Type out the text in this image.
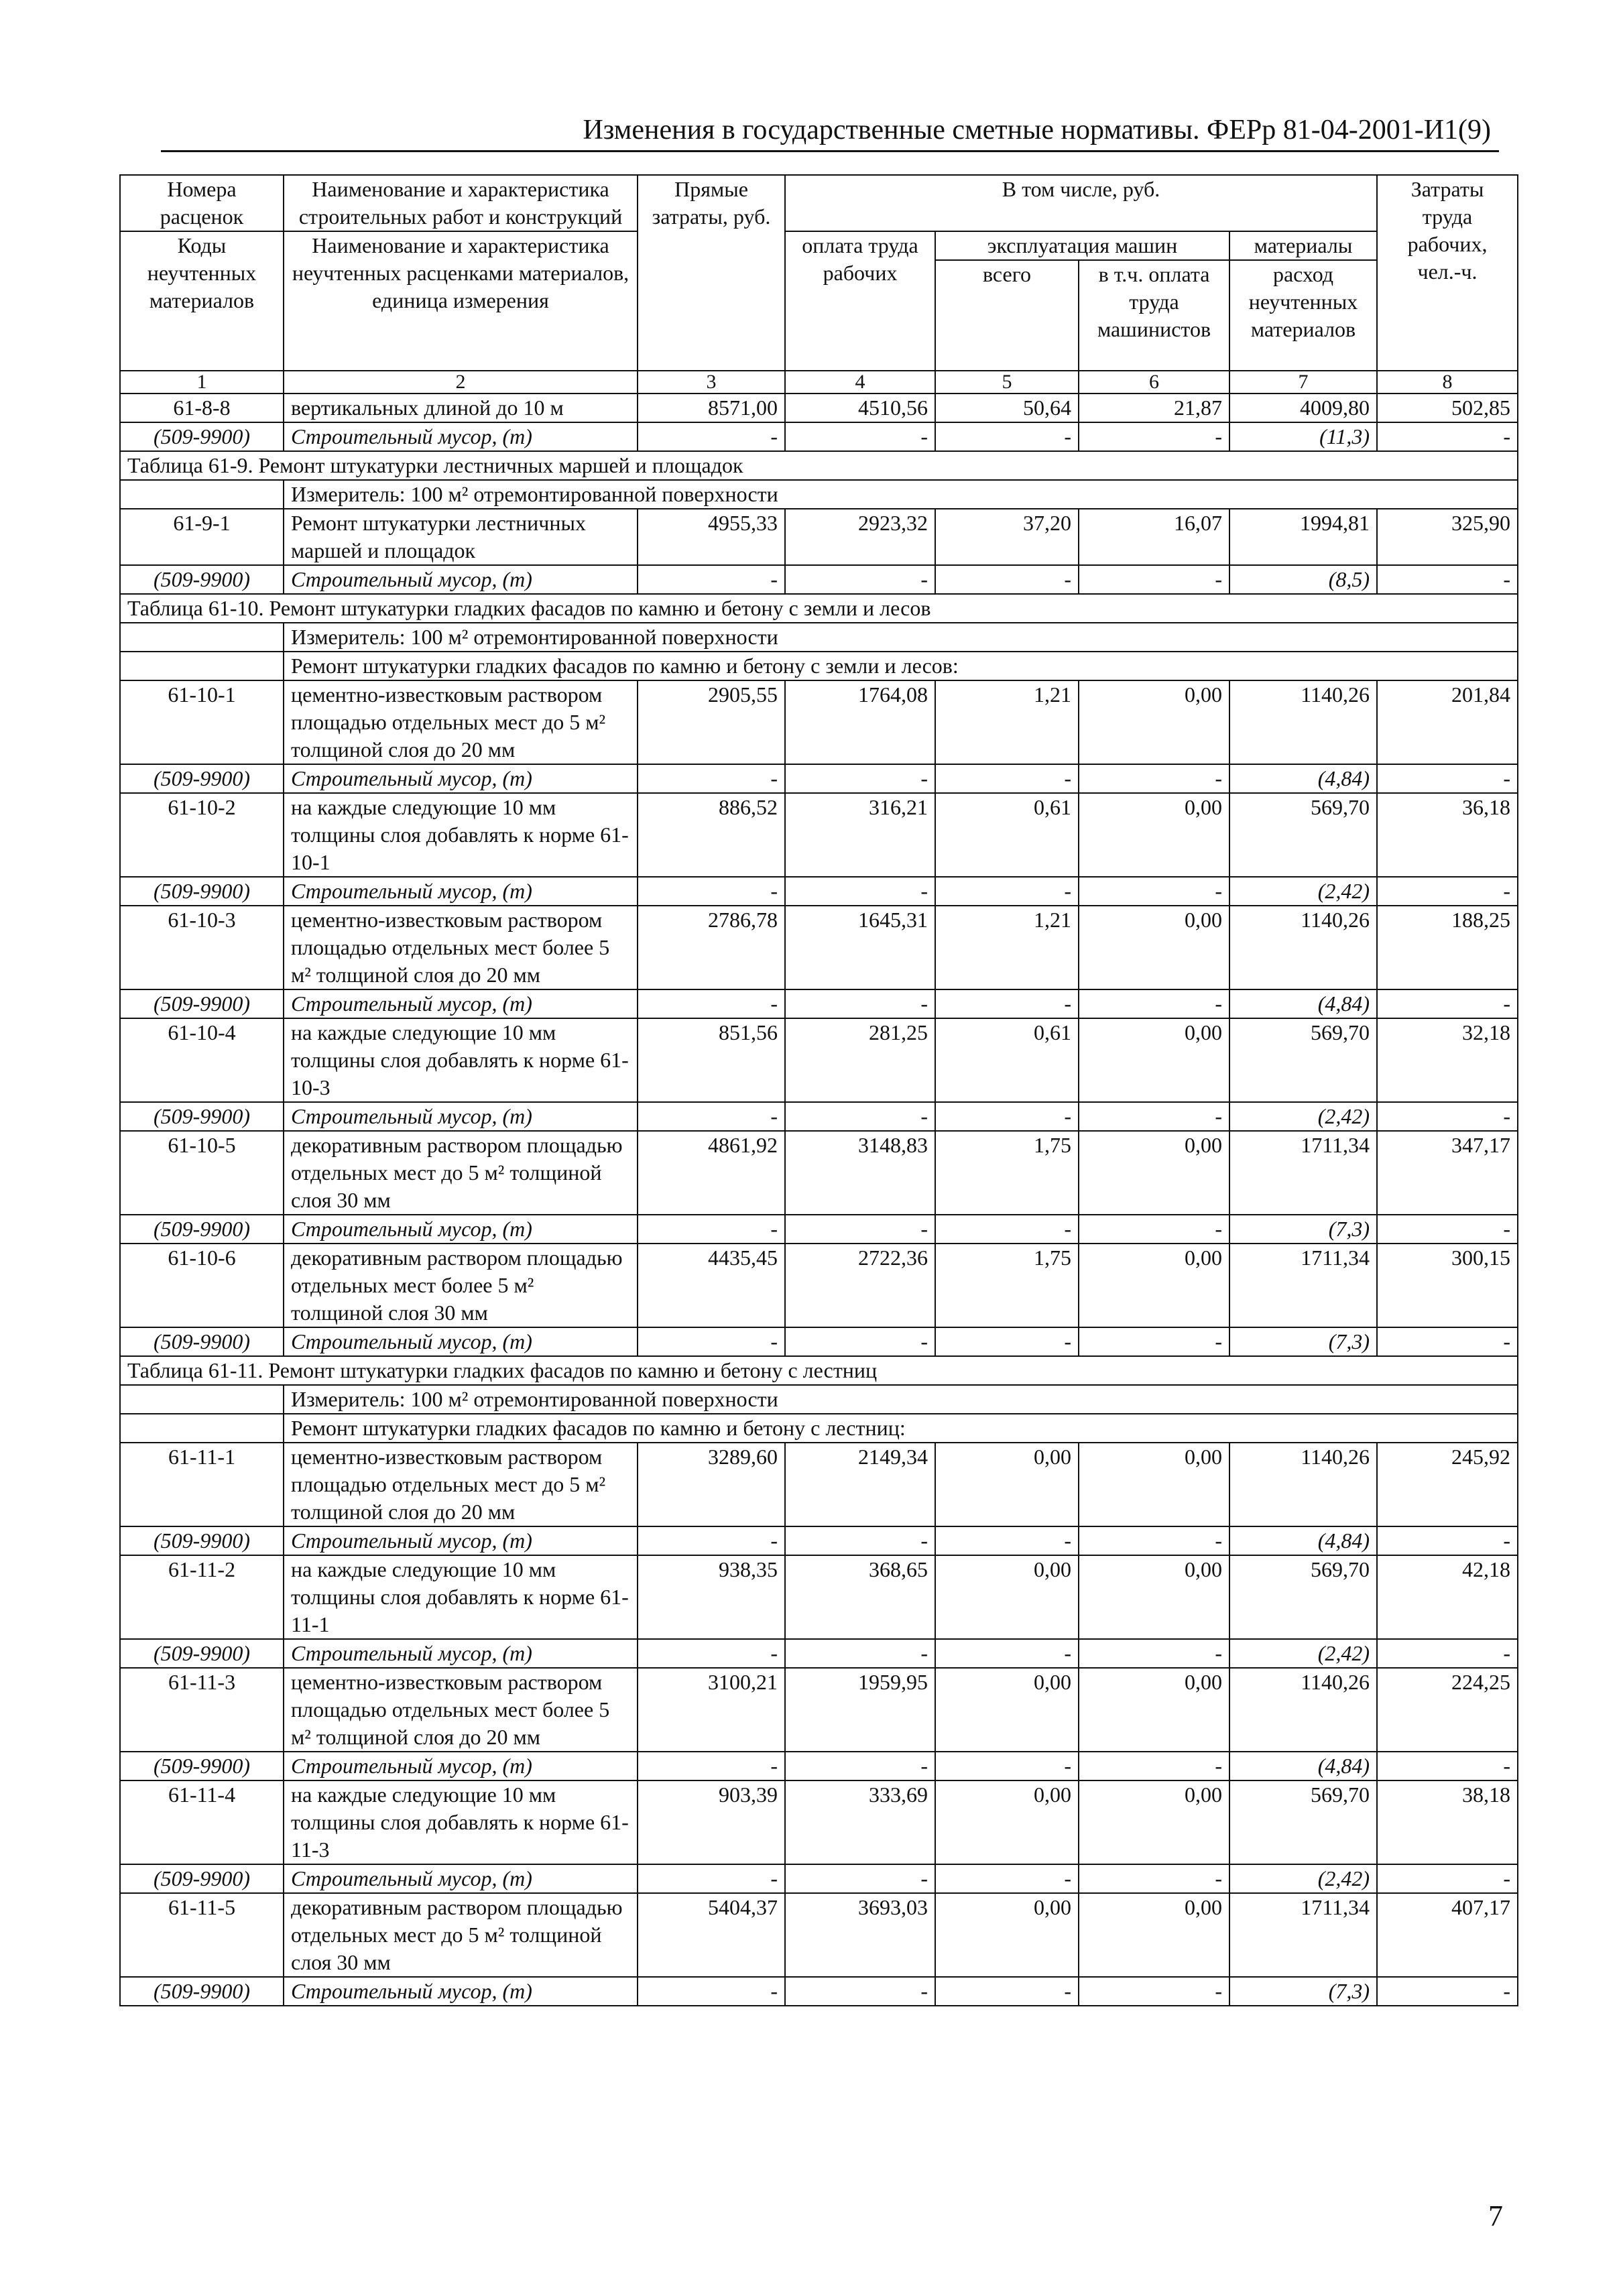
Изменения в государственные сметные нормативы. ФЕРр 81-04-2001-И1(9)
Номера расценок	Наименование и характеристика строительных работ и конструкций	Прямые затраты, руб.	В том числе, руб.				Затраты труда рабочих, чел.-ч.
Коды неучтенных материалов	Наименование и характеристика неучтенных расценками материалов, единица измерения		оплата труда рабочих	эксплуатация машин		материалы	
				всего	в т.ч. оплата труда машинистов	расход неучтенных материалов	

1	2	3	4	5	6	7	8
61-8-8	вертикальных длиной до 10 м	8571,00	4510,56	50,64	21,87	4009,80	502,85
(509-9900)	Строительный мусор, (т)	-	-	-	-	(11,3)	-
Таблица 61-9. Ремонт штукатурки лестничных маршей и площадок							
	Измеритель: 100 м² отремонтированной поверхности						
61-9-1	Ремонт штукатурки лестничных маршей и площадок	4955,33	2923,32	37,20	16,07	1994,81	325,90
(509-9900)	Строительный мусор, (т)	-	-	-	-	(8,5)	-
Таблица 61-10. Ремонт штукатурки гладких фасадов по камню и бетону с земли и лесов							
	Измеритель: 100 м² отремонтированной поверхности						
	Ремонт штукатурки гладких фасадов по камню и бетону с земли и лесов:						
61-10-1	цементно-известковым раствором площадью отдельных мест до 5 м² толщиной слоя до 20 мм	2905,55	1764,08	1,21	0,00	1140,26	201,84
(509-9900)	Строительный мусор, (т)	-	-	-	-	(4,84)	-
61-10-2	на каждые следующие 10 мм толщины слоя добавлять к норме 61-10-1	886,52	316,21	0,61	0,00	569,70	36,18
(509-9900)	Строительный мусор, (т)	-	-	-	-	(2,42)	-
61-10-3	цементно-известковым раствором площадью отдельных мест более 5 м² толщиной слоя до 20 мм	2786,78	1645,31	1,21	0,00	1140,26	188,25
(509-9900)	Строительный мусор, (т)	-	-	-	-	(4,84)	-
61-10-4	на каждые следующие 10 мм толщины слоя добавлять к норме 61-10-3	851,56	281,25	0,61	0,00	569,70	32,18
(509-9900)	Строительный мусор, (т)	-	-	-	-	(2,42)	-
61-10-5	декоративным раствором площадью отдельных мест до 5 м² толщиной слоя 30 мм	4861,92	3148,83	1,75	0,00	1711,34	347,17
(509-9900)	Строительный мусор, (т)	-	-	-	-	(7,3)	-
61-10-6	декоративным раствором площадью отдельных мест более 5 м² толщиной слоя 30 мм	4435,45	2722,36	1,75	0,00	1711,34	300,15
(509-9900)	Строительный мусор, (т)	-	-	-	-	(7,3)	-
Таблица 61-11. Ремонт штукатурки гладких фасадов по камню и бетону с лестниц							
	Измеритель: 100 м² отремонтированной поверхности						
	Ремонт штукатурки гладких фасадов по камню и бетону с лестниц:						
61-11-1	цементно-известковым раствором площадью отдельных мест до 5 м² толщиной слоя до 20 мм	3289,60	2149,34	0,00	0,00	1140,26	245,92
(509-9900)	Строительный мусор, (т)	-	-	-	-	(4,84)	-
61-11-2	на каждые следующие 10 мм толщины слоя добавлять к норме 61-11-1	938,35	368,65	0,00	0,00	569,70	42,18
(509-9900)	Строительный мусор, (т)	-	-	-	-	(2,42)	-
61-11-3	цементно-известковым раствором площадью отдельных мест более 5 м² толщиной слоя до 20 мм	3100,21	1959,95	0,00	0,00	1140,26	224,25
(509-9900)	Строительный мусор, (т)	-	-	-	-	(4,84)	-
61-11-4	на каждые следующие 10 мм толщины слоя добавлять к норме 61-11-3	903,39	333,69	0,00	0,00	569,70	38,18
(509-9900)	Строительный мусор, (т)	-	-	-	-	(2,42)	-
61-11-5	декоративным раствором площадью отдельных мест до 5 м² толщиной слоя 30 мм	5404,37	3693,03	0,00	0,00	1711,34	407,17
(509-9900)	Строительный мусор, (т)	-	-	-	-	(7,3)	-
7
